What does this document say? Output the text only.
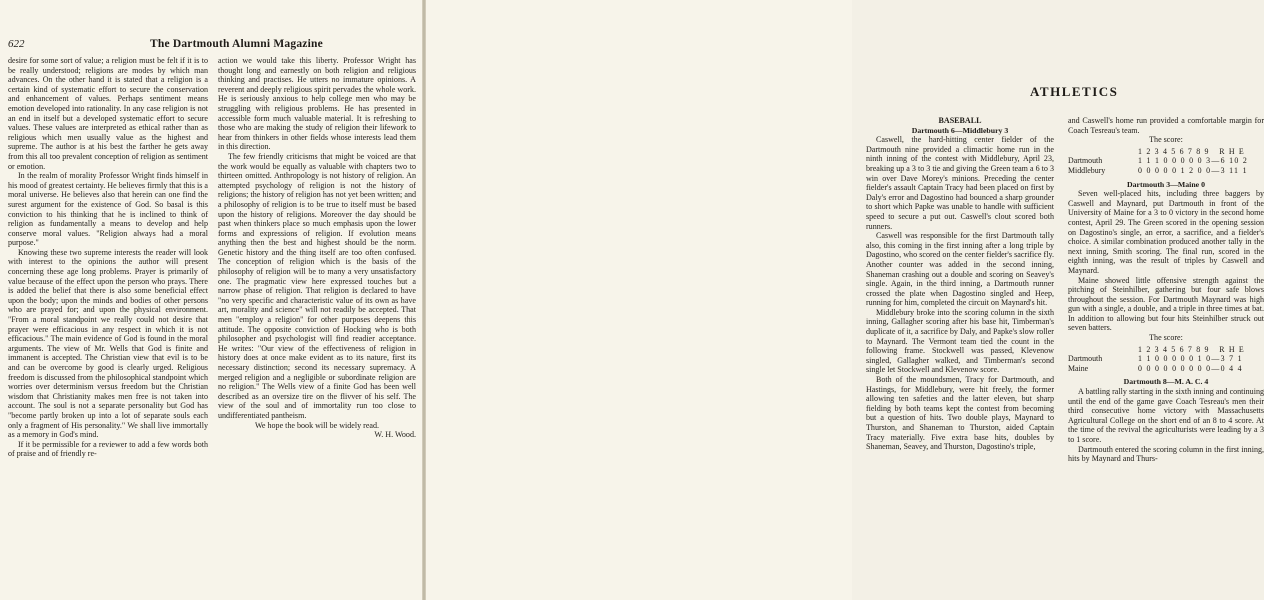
622	The Dartmouth Alumni Magazine

desire for some sort of value; a religion must be felt if it is to be really understood; religions are modes by which man advances. On the other hand it is stated that a religion is a certain kind of systematic effort to secure the conservation and enhancement of values. Perhaps sentiment means emotion developed into rationality. In any case religion is not an end in itself but a developed systematic effort to secure values. These values are interpreted as ethical rather than as religious which men usually value as the highest and supreme. The author is at his best the farther he gets away from this all too prevalent conception of religion as sentiment or emotion.

In the realm of morality Professor Wright finds himself in his mood of greatest certainty. He believes firmly that this is a moral universe. He believes also that herein can one find the surest argument for the existence of God. So basal is this conviction to his thinking that he is inclined to think of religion as fundamentally a means to develop and help conserve moral values. "Religion always had a moral purpose."

Knowing these two supreme interests the reader will look with interest to the opinions the author will present concerning these age long problems. Prayer is primarily of value because of the effect upon the person who prays. There is added the belief that there is also some beneficial effect upon the body; upon the minds and bodies of other persons who are prayed for; and upon the physical environment. "From a moral standpoint we really could not desire that prayer were efficacious in any respect in which it is not efficacious." The main evidence of God is found in the moral arguments. The view of Mr. Wells that God is finite and immanent is accepted. The Christian view that evil is to be and can be overcome by good is clearly urged. Religious freedom is discussed from the philosophical standpoint which worries over determinism versus freedom but the Christian wisdom that Christianity makes men free is not taken into account. The soul is not a separate personality but God has "become partly broken up into a lot of separate souls each only a fragment of His personality." We shall live immortally as a memory in God's mind.

If it be permissible for a reviewer to add a few words both of praise and of friendly re-

action we would take this liberty. Professor Wright has thought long and earnestly on both religion and religious thinking and practises. He utters no immature opinions. A reverent and deeply religious spirit pervades the whole work. He is seriously anxious to help college men who may be struggling with religious problems. He has presented in accessible form much valuable material. It is refreshing to those who are making the study of religion their lifework to hear from thinkers in other fields whose interests lead them in this direction.

The few friendly criticisms that might be voiced are that the work would be equally as valuable with chapters two to thirteen omitted. Anthropology is not history of religion. An attempted psychology of religion is not the history of religions; the history of religion has not yet been written; and a philosophy of religion is to be true to itself must be based upon the history of religions. Moreover the day should be past when thinkers place so much emphasis upon the lower forms and expressions of religion. If evolution means anything then the best and highest should be the norm. Genetic history and the thing itself are too often confused. The conception of religion which is the basis of the philosophy of religion will be to many a very unsatisfactory one. The pragmatic view here expressed touches but a narrow phase of religion. That religion is declared to have "no very specific and characteristic value of its own as have art, morality and science" will not readily be accepted. That men "employ a religion" for other purposes deepens this attitude. The opposite conviction of Hocking who is both philosopher and psychologist will find readier acceptance. He writes: "Our view of the effectiveness of religion in history does at once make evident as to its nature, first its necessary distinction; second its necessary supremacy. A merged religion and a negligible or subordinate religion are no religion." The Wells view of a finite God has been well described as an oversize tire on the flivver of his self. The view of the soul and of immortality run too close to undifferentiated pantheism.

We hope the book will be widely read.

W. H. Wood.

ATHLETICS

BASEBALL

Dartmouth 6—Middlebury 3

Caswell, the hard-hitting center fielder of the Dartmouth nine provided a climactic home run in the ninth inning of the contest with Middlebury, April 23, breaking up a 3 to 3 tie and giving the Green team a 6 to 3 win over Dave Morey's minions. Preceding the center fielder's assault Captain Tracy had been placed on first by Daly's error and Dagostino had bounced a sharp grounder to short which Papke was unable to handle with sufficient speed to secure a put out. Caswell's clout scored both runners.

Caswell was responsible for the first Dartmouth tally also, this coming in the first inning after a long triple by Dagostino, who scored on the center fielder's sacrifice fly. Another counter was added in the second inning, Shaneman crashing out a double and scoring on Seavey's single. Again, in the third inning, a Dartmouth runner crossed the plate when Dagostino singled and Heep, running for him, completed the circuit on Maynard's hit.

Middlebury broke into the scoring column in the sixth inning, Gallagher scoring after his base hit, Timberman's duplicate of it, a sacrifice by Daly, and Papke's slow roller to Maynard. The Vermont team tied the count in the following frame. Stockwell was passed, Klevenow singled, Gallagher walked, and Timberman's second single let Stockwell and Klevenow score.

Both of the moundsmen, Tracy for Dartmouth, and Hastings, for Middlebury, were hit freely, the former allowing ten safeties and the latter eleven, but sharp fielding by both teams kept the contest from becoming but a question of hits. Two double plays, Maynard to Thurston, and Shaneman to Thurston, aided Captain Tracy materially. Five extra base hits, doubles by Shaneman, Seavey, and Thurston, Dagostino's triple,

and Caswell's home run provided a comfortable margin for Coach Tesreau's team.

The score:

1 2 3 4 5 6 7 8 9   R H E
Dartmouth	1 1 1 0 0 0 0 0 3—6 10 2
Middlebury	0 0 0 0 0 1 2 0 0—3 11 1

Dartmouth 3—Maine 0

Seven well-placed hits, including three baggers by Caswell and Maynard, put Dartmouth in front of the University of Maine for a 3 to 0 victory in the second home contest, April 29. The Green scored in the opening session on Dagostino's single, an error, a sacrifice, and a fielder's choice. A similar combination produced another tally in the next inning, Smith scoring. The final run, scored in the eighth inning, was the result of triples by Caswell and Maynard.

Maine showed little offensive strength against the pitching of Steinhilber, gathering but four safe blows throughout the session. For Dartmouth Maynard was high gun with a single, a double, and a triple in three times at bat. In addition to allowing but four hits Steinhilber struck out seven batters.

The score:

1 2 3 4 5 6 7 8 9   R H E
Dartmouth	1 1 0 0 0 0 0 1 0—3 7 1
Maine	0 0 0 0 0 0 0 0 0—0 4 4

Dartmouth 8—M. A. C. 4

A battling rally starting in the sixth inning and continuing until the end of the game gave Coach Tesreau's men their third consecutive home victory with Massachusetts Agricultural College on the short end of an 8 to 4 score. At the time of the revival the agriculturists were leading by a 3 to 1 score.

Dartmouth entered the scoring column in the first inning, hits by Maynard and Thurs-
